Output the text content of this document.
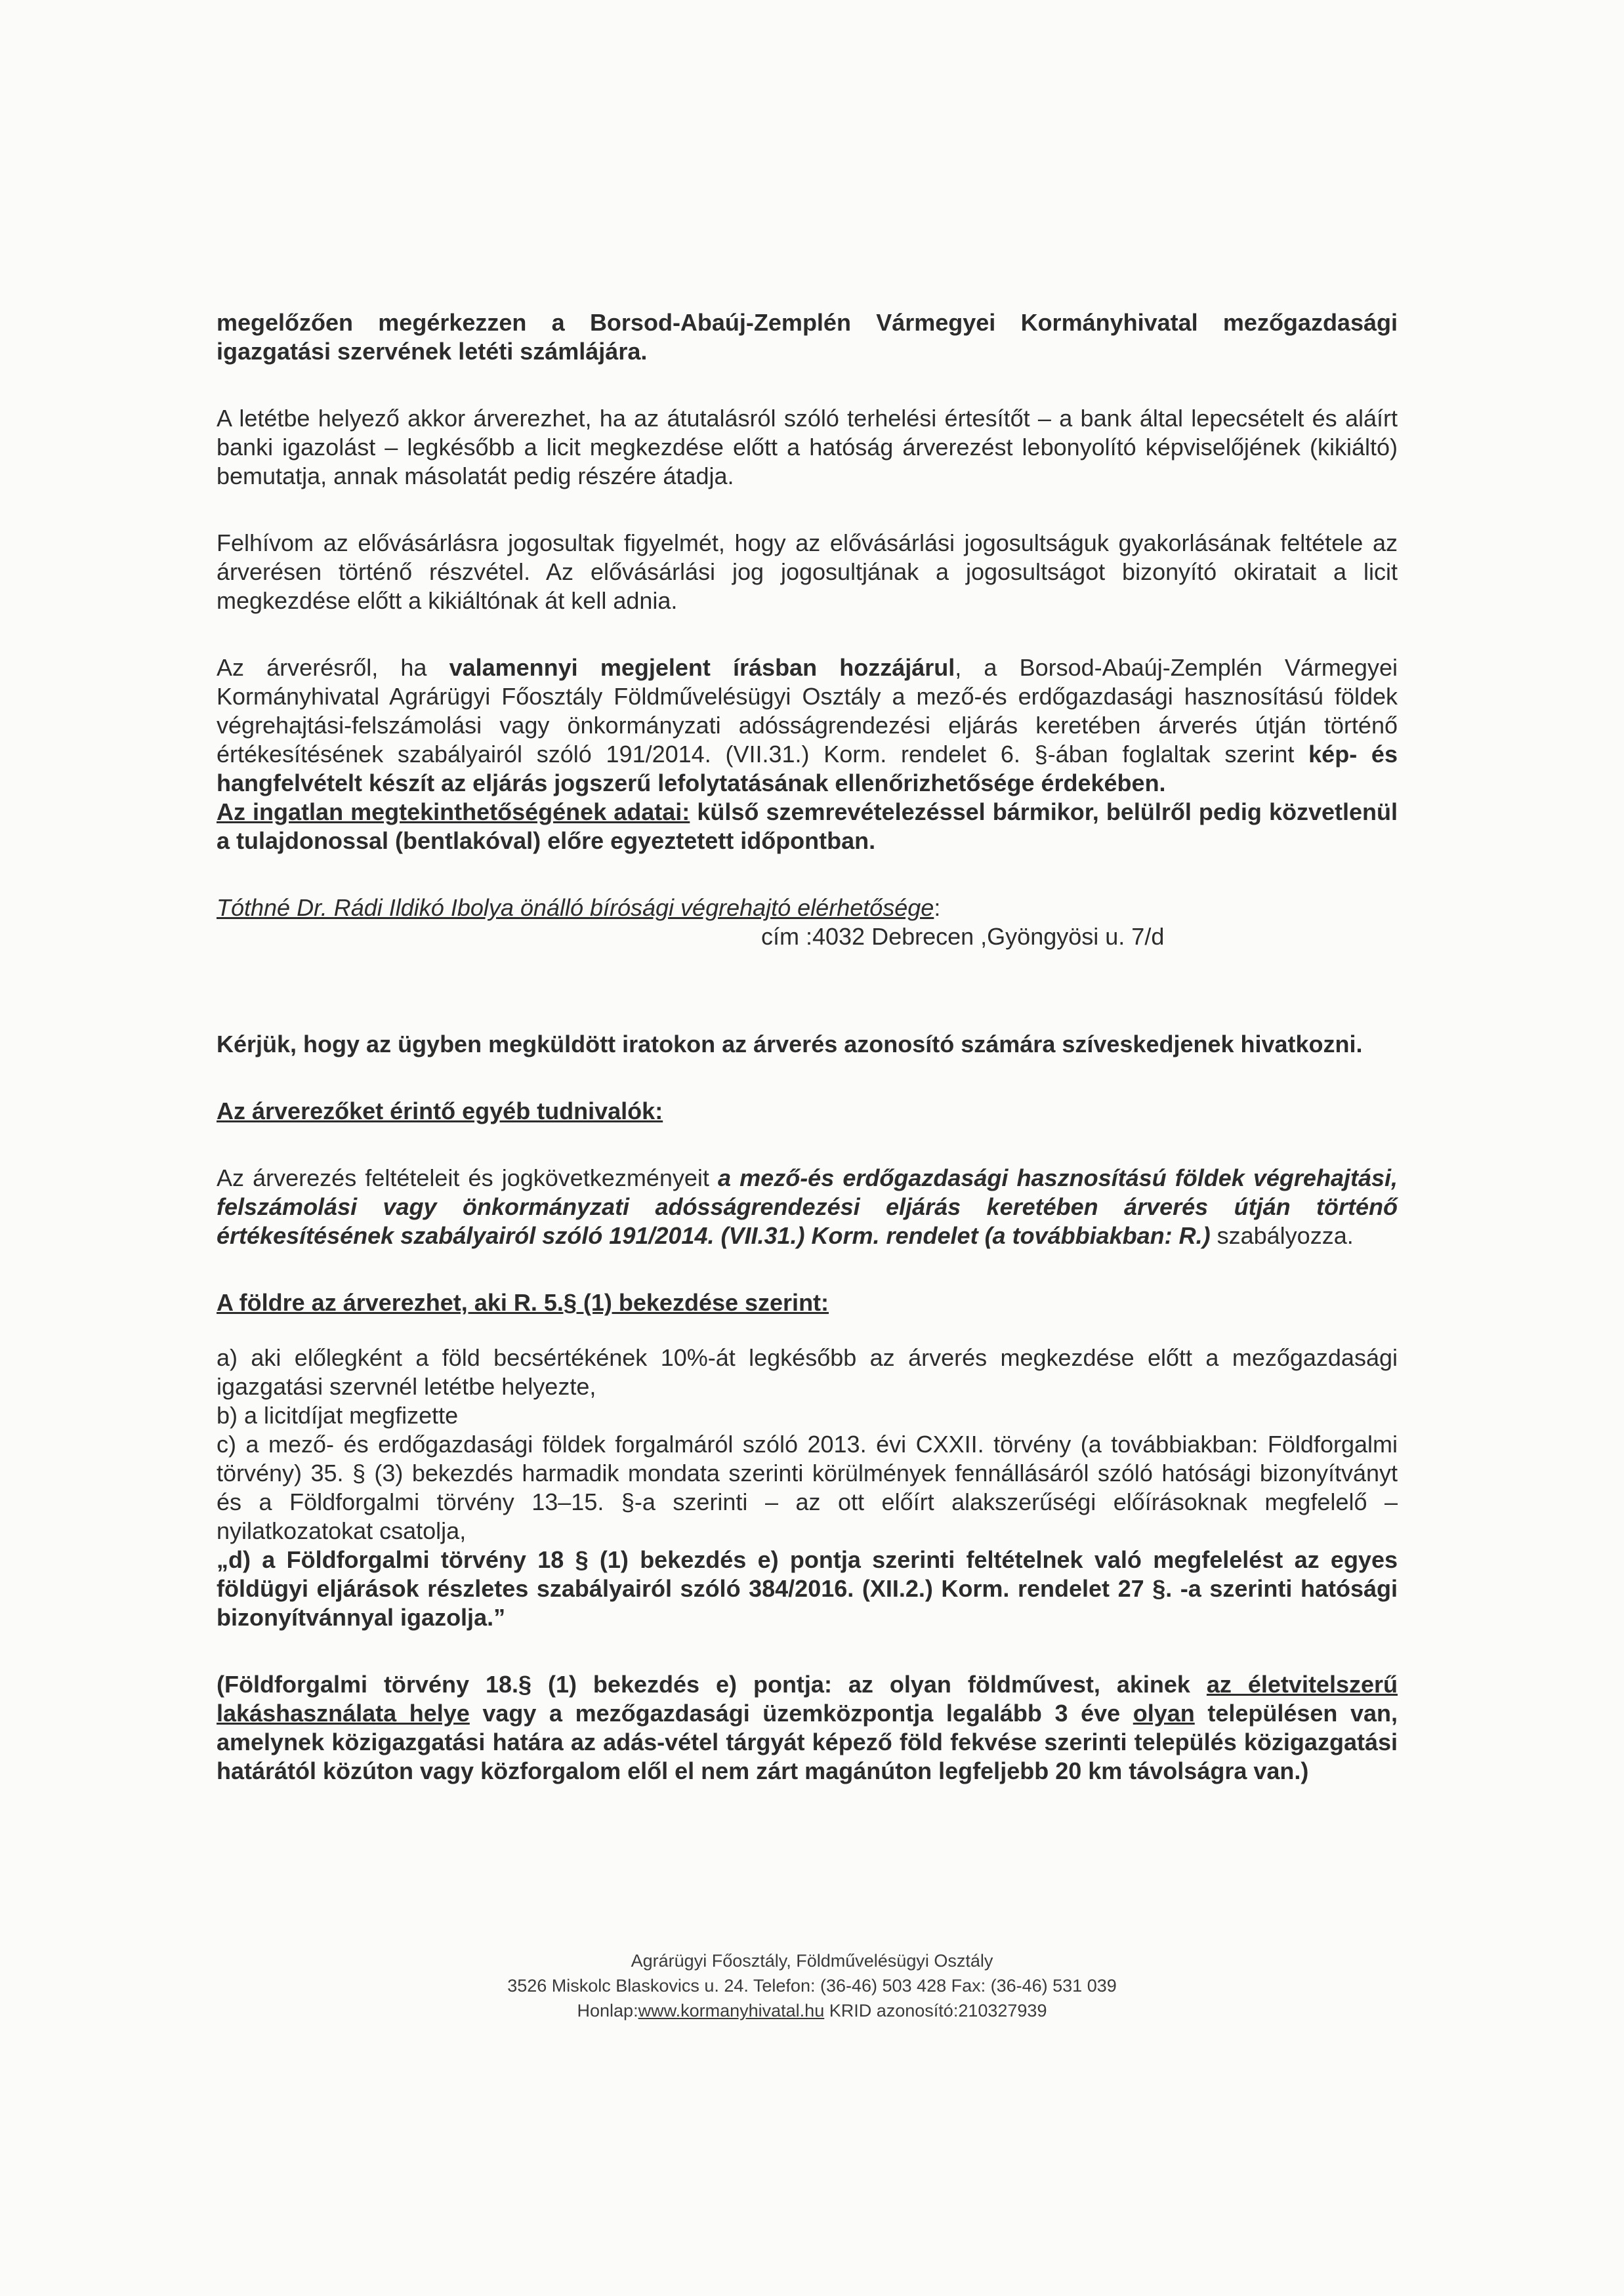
megelőzően megérkezzen a Borsod-Abaúj-Zemplén Vármegyei Kormányhivatal mezőgazdasági igazgatási szervének letéti számlájára.

A letétbe helyező akkor árverezhet, ha az átutalásról szóló terhelési értesítőt – a bank által lepecsételt és aláírt banki igazolást – legkésőbb a licit megkezdése előtt a hatóság árverezést lebonyolító képviselőjének (kikiáltó) bemutatja, annak másolatát pedig részére átadja.

Felhívom az elővásárlásra jogosultak figyelmét, hogy az elővásárlási jogosultságuk gyakorlásának feltétele az árverésen történő részvétel. Az elővásárlási jog jogosultjának a jogosultságot bizonyító okiratait a licit megkezdése előtt a kikiáltónak át kell adnia.

Az árverésről, ha valamennyi megjelent írásban hozzájárul, a Borsod-Abaúj-Zemplén Vármegyei Kormányhivatal Agrárügyi Főosztály Földművelésügyi Osztály a mező-és erdőgazdasági hasznosítású földek végrehajtási-felszámolási vagy önkormányzati adósságrendezési eljárás keretében árverés útján történő értékesítésének szabályairól szóló 191/2014. (VII.31.) Korm. rendelet 6. §-ában foglaltak szerint kép- és hangfelvételt készít az eljárás jogszerű lefolytatásának ellenőrizhetősége érdekében.

Az ingatlan megtekinthetőségének adatai: külső szemrevételezéssel bármikor, belülről pedig közvetlenül a tulajdonossal (bentlakóval) előre egyeztetett időpontban.

Tóthné Dr. Rádi Ildikó Ibolya önálló bírósági végrehajtó elérhetősége:

cím :4032 Debrecen ,Gyöngyösi u. 7/d

Kérjük, hogy az ügyben megküldött iratokon az árverés azonosító számára szíveskedjenek hivatkozni.

Az árverezőket érintő egyéb tudnivalók:

Az árverezés feltételeit és jogkövetkezményeit a mező-és erdőgazdasági hasznosítású földek végrehajtási, felszámolási vagy önkormányzati adósságrendezési eljárás keretében árverés útján történő értékesítésének szabályairól szóló 191/2014. (VII.31.) Korm. rendelet (a továbbiakban: R.) szabályozza.

A földre az árverezhet, aki R. 5.§ (1) bekezdése szerint:

a) aki előlegként a föld becsértékének 10%-át legkésőbb az árverés megkezdése előtt a mezőgazdasági igazgatási szervnél letétbe helyezte,

b) a licitdíjat megfizette

c) a mező- és erdőgazdasági földek forgalmáról szóló 2013. évi CXXII. törvény (a továbbiakban: Földforgalmi törvény) 35. § (3) bekezdés harmadik mondata szerinti körülmények fennállásáról szóló hatósági bizonyítványt és a Földforgalmi törvény 13–15. §-a szerinti – az ott előírt alakszerűségi előírásoknak megfelelő – nyilatkozatokat csatolja,

„d) a Földforgalmi törvény 18 § (1) bekezdés e) pontja szerinti feltételnek való megfelelést az egyes földügyi eljárások részletes szabályairól szóló 384/2016. (XII.2.) Korm. rendelet 27 §. -a szerinti hatósági bizonyítvánnyal igazolja.”

(Földforgalmi törvény 18.§ (1) bekezdés e) pontja: az olyan földművest, akinek az életvitelszerű lakáshasználata helye vagy a mezőgazdasági üzemközpontja legalább 3 éve olyan településen van, amelynek közigazgatási határa az adás-vétel tárgyát képező föld fekvése szerinti település közigazgatási határától közúton vagy közforgalom elől el nem zárt magánúton legfeljebb 20 km távolságra van.)

Agrárügyi Főosztály, Földművelésügyi Osztály
3526 Miskolc Blaskovics u. 24. Telefon: (36-46) 503 428 Fax: (36-46) 531 039
Honlap:www.kormanyhivatal.hu KRID azonosító:210327939
